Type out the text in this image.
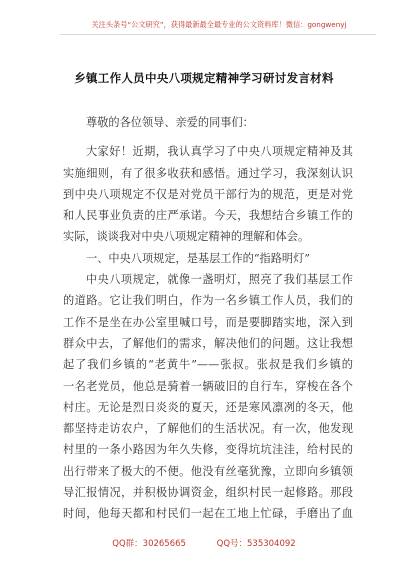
关注头条号“公文研究”，获得最新最全最专业的公文资料库！微信：gongwenyj
乡镇工作人员中央八项规定精神学习研讨发言材料
尊敬的各位领导、亲爱的同事们：
大家好！近期，我认真学习了中央八项规定精神及其
实施细则，有了很多收获和感悟。通过学习，我深刻认识
到中央八项规定不仅是对党员干部行为的规范，更是对党
和人民事业负责的庄严承诺。今天，我想结合乡镇工作的
实际，谈谈我对中央八项规定精神的理解和体会。
一、中央八项规定，是基层工作的“指路明灯”
中央八项规定，就像一盏明灯，照亮了我们基层工作
的道路。它让我们明白，作为一名乡镇工作人员，我们的
工作不是坐在办公室里喊口号，而是要脚踏实地，深入到
群众中去，了解他们的需求，解决他们的问题。这让我想
起了我们乡镇的“老黄牛”——张叔。张叔是我们乡镇的
一名老党员，他总是骑着一辆破旧的自行车，穿梭在各个
村庄。无论是烈日炎炎的夏天，还是寒风凛冽的冬天，他
都坚持走访农户，了解他们的生活状况。有一次，他发现
村里的一条小路因为年久失修，变得坑坑洼洼，给村民的
出行带来了极大的不便。他没有丝毫犹豫，立即向乡镇领
导汇报情况，并积极协调资金，组织村民一起修路。那段
时间，他每天都和村民们一起在工地上忙碌，手磨出了血
QQ群：30265665	QQ号：535304092
